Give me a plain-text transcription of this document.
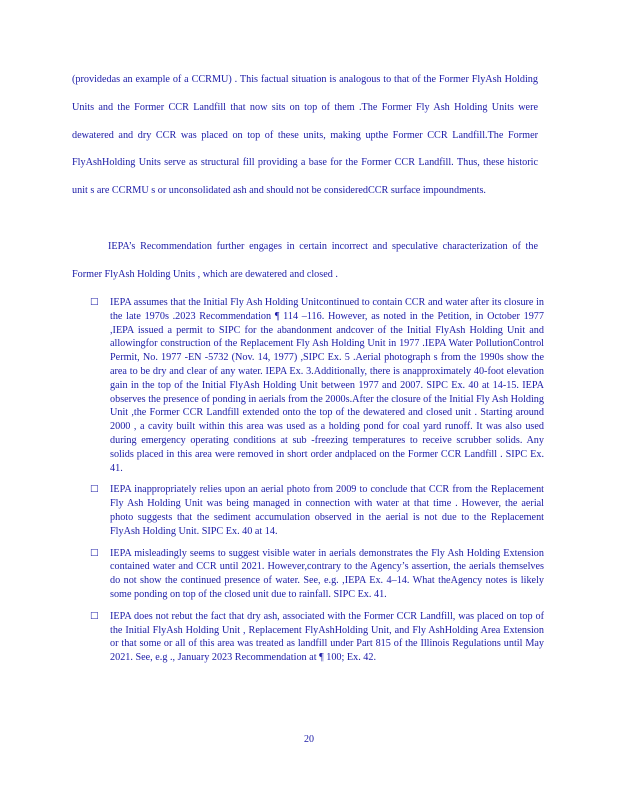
(providedas an example of a CCRMU) . This factual situation is analogous to that of the Former FlyAsh Holding Units and the Former CCR Landfill that now sits on top of them .The Former Fly Ash Holding Units were dewatered and dry CCR was placed on top of these units, making upthe Former CCR Landfill.The Former FlyAshHolding Units serve as structural fill providing a base for the Former CCR Landfill. Thus, these historic unit s are CCRMU s or unconsolidated ash and should not be consideredCCR surface impoundments.

IEPA’s Recommendation further engages in certain incorrect and speculative characterization of the Former FlyAsh Holding Units , which are dewatered and closed .

□ IEPA assumes that the Initial Fly Ash Holding Unitcontinued to contain CCR and water after its closure in the late 1970s .2023 Recommendation ¶ 114 –116. However, as noted in the Petition, in October 1977 ,IEPA issued a permit to SIPC for the abandonment andcover of the Initial FlyAsh Holding Unit and allowingfor construction of the Replacement Fly Ash Holding Unit in 1977 .IEPA Water PollutionControl Permit, No. 1977 -EN -5732 (Nov. 14, 1977) ,SIPC Ex. 5 .Aerial photograph s from the 1990s show the area to be dry and clear of any water. IEPA Ex. 3.Additionally, there is anapproximately 40-foot elevation gain in the top of the Initial FlyAsh Holding Unit between 1977 and 2007. SIPC Ex. 40 at 14-15. IEPA observes the presence of ponding in aerials from the 2000s.After the closure of the Initial Fly Ash Holding Unit ,the Former CCR Landfill extended onto the top of the dewatered and closed unit . Starting around 2000 , a cavity built within this area was used as a holding pond for coal yard runoff. It was also used during emergency operating conditions at sub -freezing temperatures to receive scrubber solids. Any solids placed in this area were removed in short order andplaced on the Former CCR Landfill . SIPC Ex. 41.
□ IEPA inappropriately relies upon an aerial photo from 2009 to conclude that CCR from the Replacement Fly Ash Holding Unit was being managed in connection with water at that time . However, the aerial photo suggests that the sediment accumulation observed in the aerial is not due to the Replacement FlyAsh Holding Unit. SIPC Ex. 40 at 14.
□ IEPA misleadingly seems to suggest visible water in aerials demonstrates the Fly Ash Holding Extension contained water and CCR until 2021. However,contrary to the Agency’s assertion, the aerials themselves do not show the continued presence of water. See, e.g. ,IEPA Ex. 4–14. What theAgency notes is likely some ponding on top of the closed unit due to rainfall. SIPC Ex. 41.
□ IEPA does not rebut the fact that dry ash, associated with the Former CCR Landfill, was placed on top of the Initial FlyAsh Holding Unit , Replacement FlyAshHolding Unit, and Fly AshHolding Area Extension or that some or all of this area was treated as landfill under Part 815 of the Illinois Regulations until May 2021. See, e.g ., January 2023 Recommendation at ¶ 100; Ex. 42.
20
